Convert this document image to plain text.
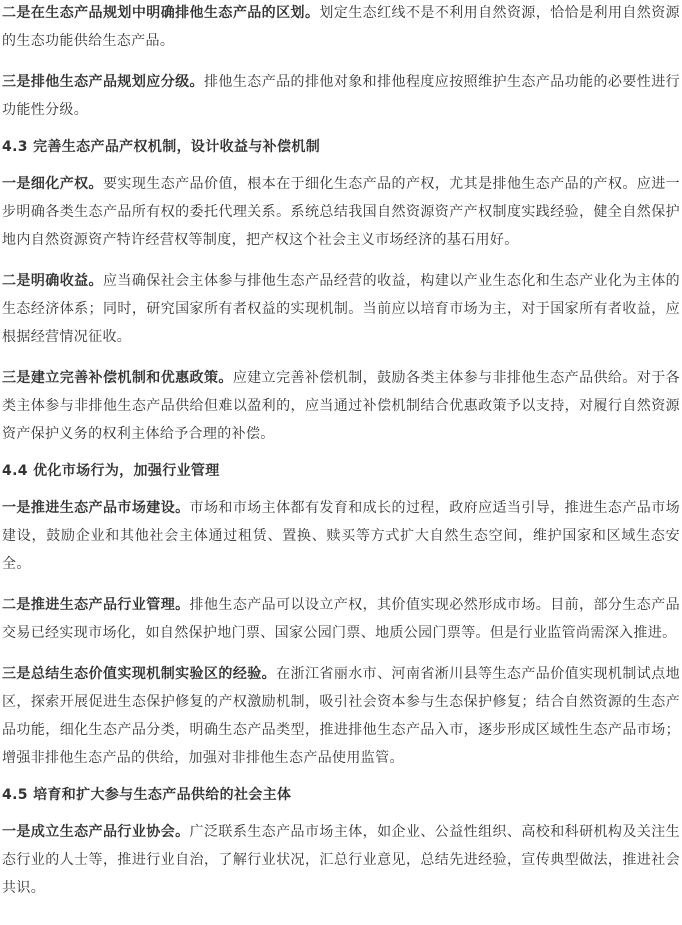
二是在生态产品规划中明确排他生态产品的区划。划定生态红线不是不利用自然资源，恰恰是利用自然资源的生态功能供给生态产品。

三是排他生态产品规划应分级。排他生态产品的排他对象和排他程度应按照维护生态产品功能的必要性进行功能性分级。

4.3 完善生态产品产权机制，设计收益与补偿机制

一是细化产权。要实现生态产品价值，根本在于细化生态产品的产权，尤其是排他生态产品的产权。应进一步明确各类生态产品所有权的委托代理关系。系统总结我国自然资源资产产权制度实践经验，健全自然保护地内自然资源资产特许经营权等制度，把产权这个社会主义市场经济的基石用好。

二是明确收益。应当确保社会主体参与排他生态产品经营的收益，构建以产业生态化和生态产业化为主体的生态经济体系；同时，研究国家所有者权益的实现机制。当前应以培育市场为主，对于国家所有者收益，应根据经营情况征收。

三是建立完善补偿机制和优惠政策。应建立完善补偿机制，鼓励各类主体参与非排他生态产品供给。对于各类主体参与非排他生态产品供给但难以盈利的，应当通过补偿机制结合优惠政策予以支持，对履行自然资源资产保护义务的权利主体给予合理的补偿。

4.4 优化市场行为，加强行业管理

一是推进生态产品市场建设。市场和市场主体都有发育和成长的过程，政府应适当引导，推进生态产品市场建设，鼓励企业和其他社会主体通过租赁、置换、赎买等方式扩大自然生态空间，维护国家和区域生态安全。

二是推进生态产品行业管理。排他生态产品可以设立产权，其价值实现必然形成市场。目前，部分生态产品交易已经实现市场化，如自然保护地门票、国家公园门票、地质公园门票等。但是行业监管尚需深入推进。

三是总结生态价值实现机制实验区的经验。在浙江省丽水市、河南省淅川县等生态产品价值实现机制试点地区，探索开展促进生态保护修复的产权激励机制，吸引社会资本参与生态保护修复；结合自然资源的生态产品功能，细化生态产品分类，明确生态产品类型，推进排他生态产品入市，逐步形成区域性生态产品市场；增强非排他生态产品的供给，加强对非排他生态产品使用监管。

4.5 培育和扩大参与生态产品供给的社会主体

一是成立生态产品行业协会。广泛联系生态产品市场主体，如企业、公益性组织、高校和科研机构及关注生态行业的人士等，推进行业自治，了解行业状况，汇总行业意见，总结先进经验，宣传典型做法，推进社会共识。
